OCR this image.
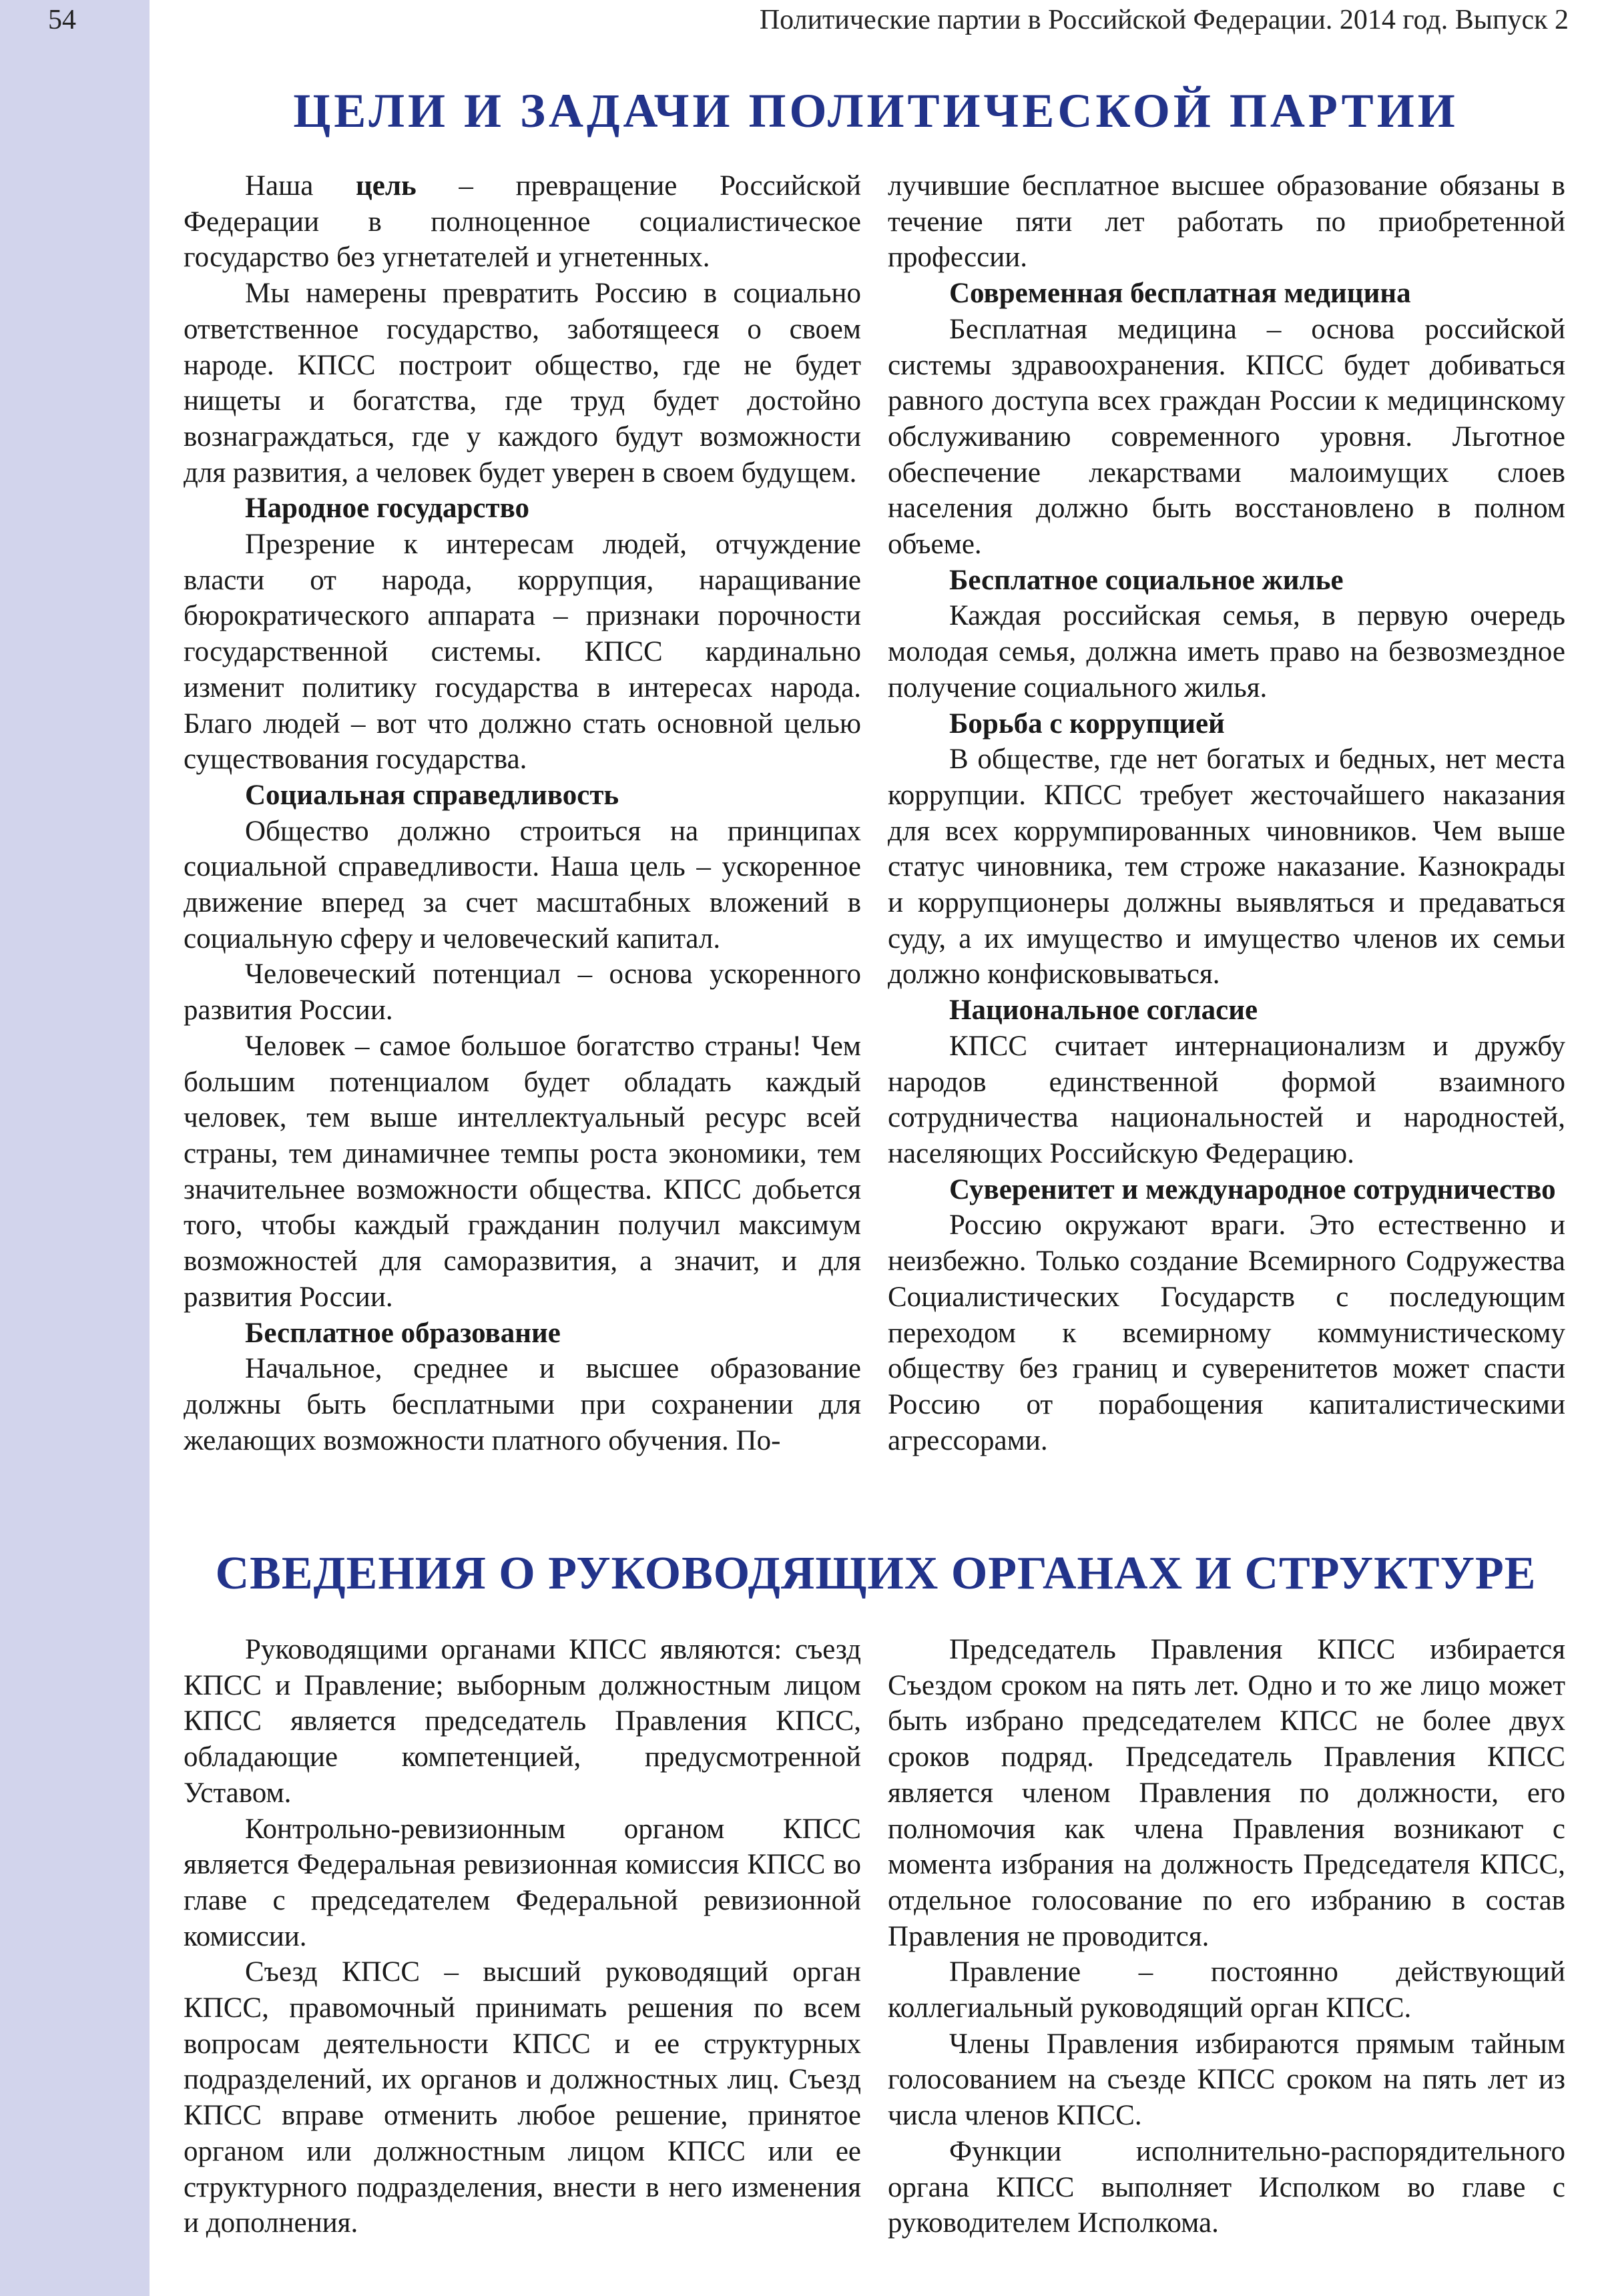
54	Политические партии в Российской Федерации. 2014 год. Выпуск 2
ЦЕЛИ И ЗАДАЧИ ПОЛИТИЧЕСКОЙ ПАРТИИ

Наша цель – превращение Российской Федерации в полноценное социалистическое государство без угнетателей и угнетенных.

Мы намерены превратить Россию в социально ответственное государство, заботящееся о своем народе. КПСС построит общество, где не будет нищеты и богатства, где труд будет достойно вознаграждаться, где у каждого будут возможности для развития, а человек будет уверен в своем будущем.

Народное государство

Презрение к интересам людей, отчуждение власти от народа, коррупция, наращивание бюрократического аппарата – признаки порочности государственной системы. КПСС кардинально изменит политику государства в интересах народа. Благо людей – вот что должно стать основной целью существования государства.

Социальная справедливость

Общество должно строиться на принципах социальной справедливости. Наша цель – ускоренное движение вперед за счет масштабных вложений в социальную сферу и человеческий капитал.

Человеческий потенциал – основа ускоренного развития России.

Человек – самое большое богатство страны! Чем большим потенциалом будет обладать каждый человек, тем выше интеллектуальный ресурс всей страны, тем динамичнее темпы роста экономики, тем значительнее возможности общества. КПСС добьется того, чтобы каждый гражданин получил максимум возможностей для саморазвития, а значит, и для развития России.

Бесплатное образование

Начальное, среднее и высшее образование должны быть бесплатными при сохранении для желающих возможности платного обучения. По-

лучившие бесплатное высшее образование обязаны в течение пяти лет работать по приобретенной профессии.

Современная бесплатная медицина

Бесплатная медицина – основа российской системы здравоохранения. КПСС будет добиваться равного доступа всех граждан России к медицинскому обслуживанию современного уровня. Льготное обеспечение лекарствами малоимущих слоев населения должно быть восстановлено в полном объеме.

Бесплатное социальное жилье

Каждая российская семья, в первую очередь молодая семья, должна иметь право на безвозмездное получение социального жилья.

Борьба с коррупцией

В обществе, где нет богатых и бедных, нет места коррупции. КПСС требует жесточайшего наказания для всех коррумпированных чиновников. Чем выше статус чиновника, тем строже наказание. Казнокрады и коррупционеры должны выявляться и предаваться суду, а их имущество и имущество членов их семьи должно конфисковываться.

Национальное согласие

КПСС считает интернационализм и дружбу народов единственной формой взаимного сотрудничества национальностей и народностей, населяющих Российскую Федерацию.

Суверенитет и международное сотрудничество

Россию окружают враги. Это естественно и неизбежно. Только создание Всемирного Содружества Социалистических Государств с последующим переходом к всемирному коммунистическому обществу без границ и суверенитетов может спасти Россию от порабощения капиталистическими агрессорами.

СВЕДЕНИЯ О РУКОВОДЯЩИХ ОРГАНАХ И СТРУКТУРЕ

Руководящими органами КПСС являются: съезд КПСС и Правление; выборным должностным лицом КПСС является председатель Правления КПСС, обладающие компетенцией, предусмотренной Уставом.

Контрольно-ревизионным органом КПСС является Федеральная ревизионная комиссия КПСС во главе с председателем Федеральной ревизионной комиссии.

Съезд КПСС – высший руководящий орган КПСС, правомочный принимать решения по всем вопросам деятельности КПСС и ее структурных подразделений, их органов и должностных лиц. Съезд КПСС вправе отменить любое решение, принятое органом или должностным лицом КПСС или ее структурного подразделения, внести в него изменения и дополнения.

Председатель Правления КПСС избирается Съездом сроком на пять лет. Одно и то же лицо может быть избрано председателем КПСС не более двух сроков подряд. Председатель Правления КПСС является членом Правления по должности, его полномочия как члена Правления возникают с момента избрания на должность Председателя КПСС, отдельное голосование по его избранию в состав Правления не проводится.

Правление – постоянно действующий коллегиальный руководящий орган КПСС.

Члены Правления избираются прямым тайным голосованием на съезде КПСС сроком на пять лет из числа членов КПСС.

Функции исполнительно-распорядительного органа КПСС выполняет Исполком во главе с руководителем Исполкома.
